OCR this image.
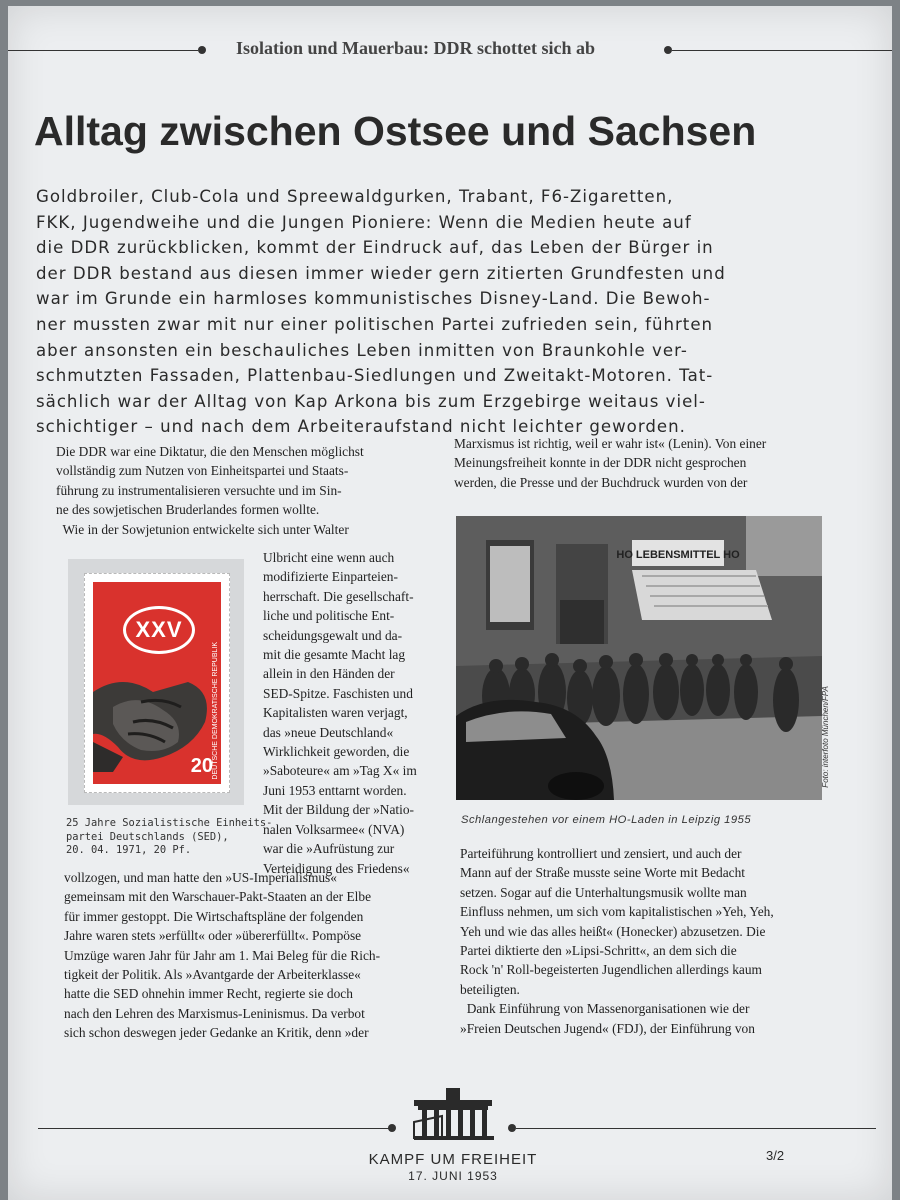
Isolation und Mauerbau: DDR schottet sich ab
Alltag zwischen Ostsee und Sachsen
Goldbroiler, Club-Cola und Spreewaldgurken, Trabant, F6-Zigaretten,
FKK, Jugendweihe und die Jungen Pioniere: Wenn die Medien heute auf
die DDR zurückblicken, kommt der Eindruck auf, das Leben der Bürger in
der DDR bestand aus diesen immer wieder gern zitierten Grundfesten und
war im Grunde ein harmloses kommunistisches Disney-Land. Die Bewoh-
ner mussten zwar mit nur einer politischen Partei zufrieden sein, führten
aber ansonsten ein beschauliches Leben inmitten von Braunkohle ver-
schmutzten Fassaden, Plattenbau-Siedlungen und Zweitakt-Motoren. Tat-
sächlich war der Alltag von Kap Arkona bis zum Erzgebirge weitaus viel-
schichtiger – und nach dem Arbeiteraufstand nicht leichter geworden.
Die DDR war eine Diktatur, die den Menschen möglichst
vollständig zum Nutzen von Einheitspartei und Staats-
führung zu instrumentalisieren versuchte und im Sin-
ne des sowjetischen Bruderlandes formen wollte.
Wie in der Sowjetunion entwickelte sich unter Walter
XXV
DEUTSCHE DEMOKRATISCHE REPUBLIK
20
Ulbricht eine wenn auch
modifizierte Einparteien-
herrschaft. Die gesellschaft-
liche und politische Ent-
scheidungsgewalt und da-
mit die gesamte Macht lag
allein in den Händen der
SED-Spitze. Faschisten und
Kapitalisten waren verjagt,
das »neue Deutschland«
Wirklichkeit geworden, die
»Saboteure« am »Tag X« im
Juni 1953 enttarnt worden.
Mit der Bildung der »Natio-
nalen Volksarmee« (NVA)
war die »Aufrüstung zur
Verteidigung des Friedens«
25 Jahre Sozialistische Einheits-
partei Deutschlands (SED),
20. 04. 1971, 20 Pf.
vollzogen, und man hatte den »US-Imperialismus«
gemeinsam mit den Warschauer-Pakt-Staaten an der Elbe
für immer gestoppt. Die Wirtschaftspläne der folgenden
Jahre waren stets »erfüllt« oder »übererfüllt«. Pompöse
Umzüge waren Jahr für Jahr am 1. Mai Beleg für die Rich-
tigkeit der Politik. Als »Avantgarde der Arbeiterklasse«
hatte die SED ohnehin immer Recht, regierte sie doch
nach den Lehren des Marxismus-Leninismus. Da verbot
sich schon deswegen jeder Gedanke an Kritik, denn »der
Marxismus ist richtig, weil er wahr ist« (Lenin). Von einer
Meinungsfreiheit konnte in der DDR nicht gesprochen
werden, die Presse und der Buchdruck wurden von der
HO LEBENSMITTEL HO
Foto: interfoto München/FPA
Schlangestehen vor einem HO-Laden in Leipzig 1955
Parteiführung kontrolliert und zensiert, und auch der
Mann auf der Straße musste seine Worte mit Bedacht
setzen. Sogar auf die Unterhaltungsmusik wollte man
Einfluss nehmen, um sich vom kapitalistischen »Yeh, Yeh,
Yeh und wie das alles heißt« (Honecker) abzusetzen. Die
Partei diktierte den »Lipsi-Schritt«, an dem sich die
Rock 'n' Roll-begeisterten Jugendlichen allerdings kaum
beteiligten.
Dank Einführung von Massenorganisationen wie der
»Freien Deutschen Jugend« (FDJ), der Einführung von
KAMPF UM FREIHEIT
17. JUNI 1953
3/2
